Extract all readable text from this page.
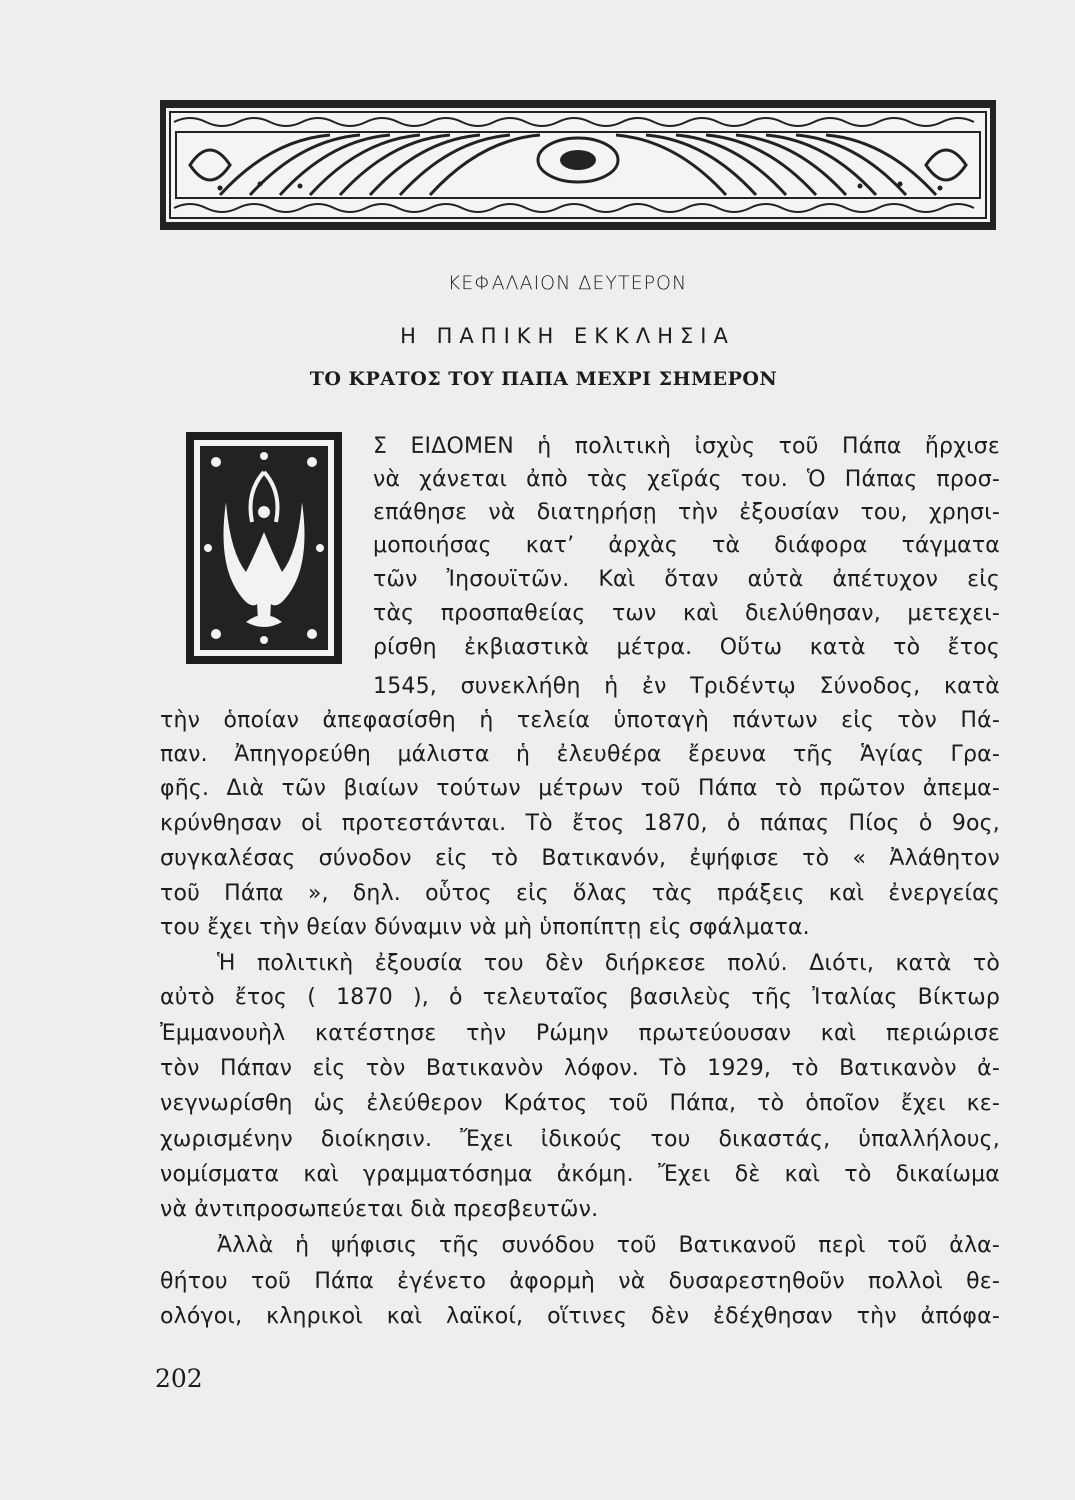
ΚΕΦΑΛΑΙΟΝ ΔΕΥΤΕΡΟΝ
Η ΠΑΠΙΚΗ ΕΚΚΛΗΣΙΑ
ΤΟ ΚΡΑΤΟΣ ΤΟΥ ΠΑΠΑ ΜΕΧΡΙ ΣΗΜΕΡΟΝ
Σ ΕΙΔΟΜΕΝ ἡ πολιτικὴ ἰσχὺς τοῦ Πάπα ἤρχισε
νὰ χάνεται ἀπὸ τὰς χεῖράς του. Ὁ Πάπας προσ-
επάθησε νὰ διατηρήσῃ τὴν ἐξουσίαν του, χρησι-
μοποιήσας κατ’ ἀρχὰς τὰ διάφορα τάγματα
τῶν Ἰησουϊτῶν. Καὶ ὅταν αὐτὰ ἀπέτυχον εἰς
τὰς προσπαθείας των καὶ διελύθησαν, μετεχει-
ρίσθη ἐκβιαστικὰ μέτρα. Οὕτω κατὰ τὸ ἔτος
1545, συνεκλήθη ἡ ἐν Τριδέντῳ Σύνοδος, κατὰ
τὴν ὁποίαν ἀπεφασίσθη ἡ τελεία ὑποταγὴ πάντων εἰς τὸν Πά-
παν. Ἀπηγορεύθη μάλιστα ἡ ἐλευθέρα ἔρευνα τῆς Ἁγίας Γρα-
φῆς. Διὰ τῶν βιαίων τούτων μέτρων τοῦ Πάπα τὸ πρῶτον ἀπεμα-
κρύνθησαν οἱ προτεστάνται. Τὸ ἔτος 1870, ὁ πάπας Πίος ὁ 9ος,
συγκαλέσας σύνοδον εἰς τὸ Βατικανόν, ἐψήφισε τὸ « Ἀλάθητον
τοῦ Πάπα », δηλ. οὗτος εἰς ὅλας τὰς πράξεις καὶ ἐνεργείας
του ἔχει τὴν θείαν δύναμιν νὰ μὴ ὑποπίπτῃ εἰς σφάλματα.
Ἡ πολιτικὴ ἐξουσία του δὲν διήρκεσε πολύ. Διότι, κατὰ τὸ
αὐτὸ ἔτος ( 1870 ), ὁ τελευταῖος βασιλεὺς τῆς Ἰταλίας Βίκτωρ
Ἐμμανουὴλ κατέστησε τὴν Ρώμην πρωτεύουσαν καὶ περιώρισε
τὸν Πάπαν εἰς τὸν Βατικανὸν λόφον. Τὸ 1929, τὸ Βατικανὸν ἀ-
νεγνωρίσθη ὡς ἐλεύθερον Κράτος τοῦ Πάπα, τὸ ὁποῖον ἔχει κε-
χωρισμένην διοίκησιν. Ἔχει ἰδικούς του δικαστάς, ὑπαλλήλους,
νομίσματα καὶ γραμματόσημα ἀκόμη. Ἔχει δὲ καὶ τὸ δικαίωμα
νὰ ἀντιπροσωπεύεται διὰ πρεσβευτῶν.
Ἀλλὰ ἡ ψήφισις τῆς συνόδου τοῦ Βατικανοῦ περὶ τοῦ ἀλα-
θήτου τοῦ Πάπα ἐγένετο ἀφορμὴ νὰ δυσαρεστηθοῦν πολλοὶ θε-
ολόγοι, κληρικοὶ καὶ λαϊκοί, οἵτινες δὲν ἐδέχθησαν τὴν ἀπόφα-
202
